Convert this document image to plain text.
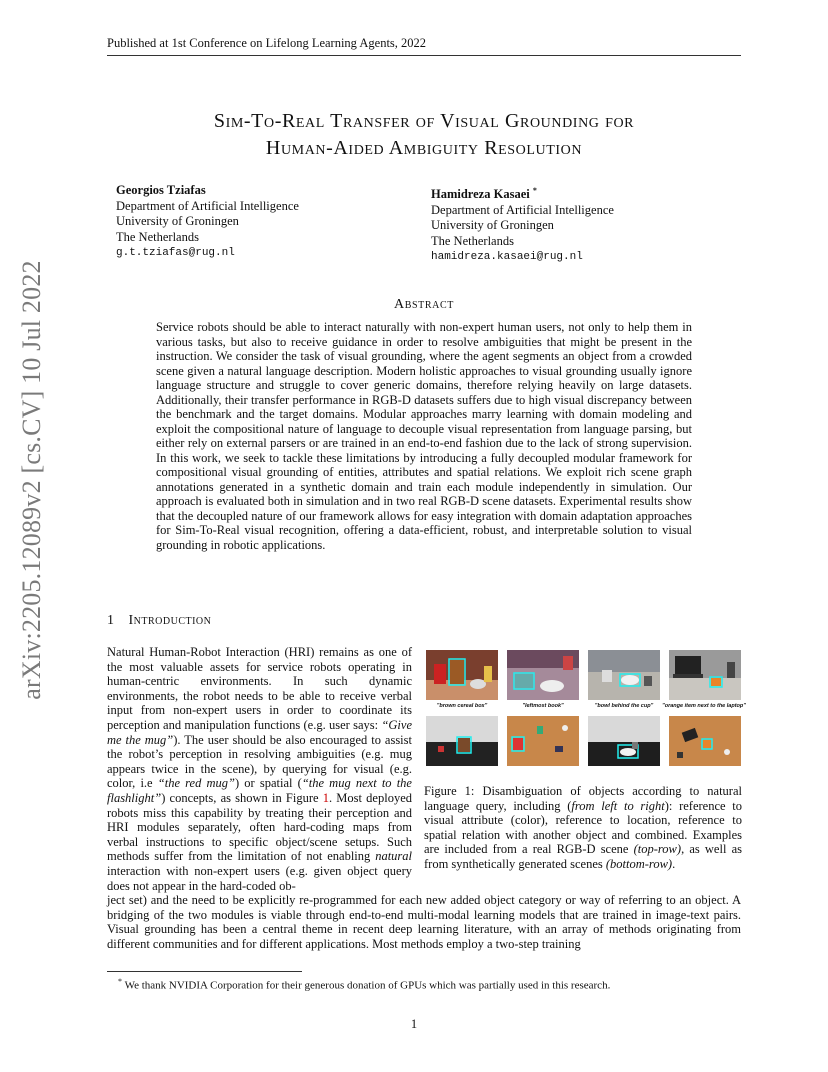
Published at 1st Conference on Lifelong Learning Agents, 2022
arXiv:2205.12089v2 [cs.CV] 10 Jul 2022
Sim-To-Real Transfer of Visual Grounding for
Human-Aided Ambiguity Resolution
Georgios Tziafas
Department of Artificial Intelligence
University of Groningen
The Netherlands
g.t.tziafas@rug.nl
Hamidreza Kasaei *
Department of Artificial Intelligence
University of Groningen
The Netherlands
hamidreza.kasaei@rug.nl
Abstract
Service robots should be able to interact naturally with non-expert human users, not only to help them in various tasks, but also to receive guidance in order to resolve ambiguities that might be present in the instruction. We consider the task of visual grounding, where the agent segments an object from a crowded scene given a natural language description. Modern holistic approaches to visual grounding usually ignore language structure and struggle to cover generic domains, therefore relying heavily on large datasets. Additionally, their transfer performance in RGB-D datasets suffers due to high visual discrepancy between the benchmark and the target domains. Modular approaches marry learning with domain modeling and exploit the compositional nature of language to decouple visual representation from language parsing, but either rely on external parsers or are trained in an end-to-end fashion due to the lack of strong supervision. In this work, we seek to tackle these limitations by introducing a fully decoupled modular framework for compositional visual grounding of entities, attributes and spatial relations. We exploit rich scene graph annotations generated in a synthetic domain and train each module independently in simulation. Our approach is evaluated both in simulation and in two real RGB-D scene datasets. Experimental results show that the decoupled nature of our framework allows for easy integration with domain adaptation approaches for Sim-To-Real visual recognition, offering a data-efficient, robust, and interpretable solution to visual grounding in robotic applications.
1 Introduction
Natural Human-Robot Interaction (HRI) remains as one of the most valuable assets for service robots operating in human-centric environments. In such dynamic environments, the robot needs to be able to receive verbal input from non-expert users in order to coordinate its perception and manipulation functions (e.g. user says: “Give me the mug”). The user should be also encouraged to assist the robot’s perception in resolving ambiguities (e.g. mug appears twice in the scene), by querying for visual (e.g. color, i.e “the red mug”) or spatial (“the mug next to the flashlight”) concepts, as shown in Figure 1. Most deployed robots miss this capability by treating their perception and HRI modules separately, often hard-coding maps from verbal instructions to specific object/scene setups. Such methods suffer from the limitation of not enabling natural interaction with non-expert users (e.g. given object query does not appear in the hard-coded ob-
"brown cereal box"	"leftmost book"	"bowl behind the cup"	"orange item next to the laptop"
Figure 1: Disambiguation of objects according to natural language query, including (from left to right): reference to visual attribute (color), reference to location, reference to spatial relation with another object and combined. Examples are included from a real RGB-D scene (top-row), as well as from synthetically generated scenes (bottom-row).
ject set) and the need to be explicitly re-programmed for each new added object category or way of referring to an object. A bridging of the two modules is viable through end-to-end multi-modal learning models that are trained in image-text pairs. Visual grounding has been a central theme in recent deep learning literature, with an array of methods originating from different communities and for different applications. Most methods employ a two-step training
* We thank NVIDIA Corporation for their generous donation of GPUs which was partially used in this research.
1
